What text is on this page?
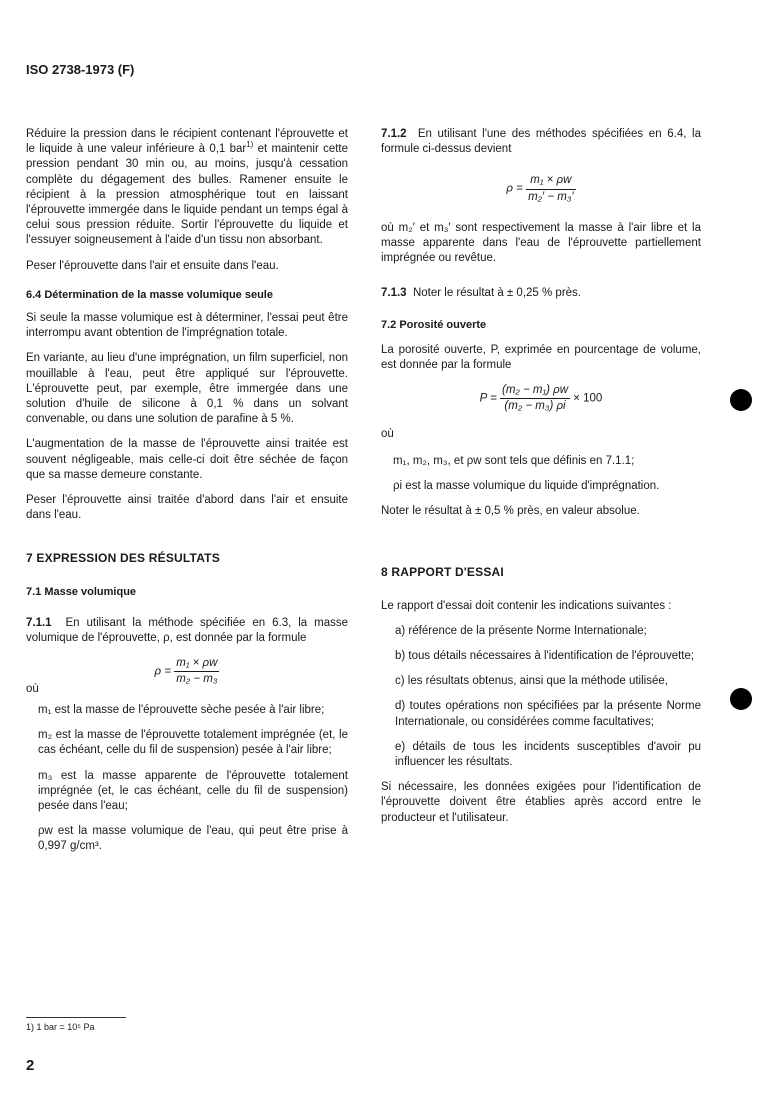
ISO 2738-1973 (F)

Réduire la pression dans le récipient contenant l'éprouvette et le liquide à une valeur inférieure à 0,1 bar$^{1)}$ et maintenir cette pression pendant 30 min ou, au moins, jusqu'à cessation complète du dégagement des bulles. Ramener ensuite le récipient à la pression atmosphérique tout en laissant l'éprouvette immergée dans le liquide pendant un temps égal à celui sous pression réduite. Sortir l'éprouvette du liquide et l'essuyer soigneusement à l'aide d'un tissu non absorbant.

Peser l'éprouvette dans l'air et ensuite dans l'eau.

6.4 Détermination de la masse volumique seule

Si seule la masse volumique est à déterminer, l'essai peut être interrompu avant obtention de l'imprégnation totale.

En variante, au lieu d'une imprégnation, un film superficiel, non mouillable à l'eau, peut être appliqué sur l'éprouvette. L'éprouvette peut, par exemple, être immergée dans une solution d'huile de silicone à 0,1 % dans un solvant convenable, ou dans une solution de parafine à 5 %.

L'augmentation de la masse de l'éprouvette ainsi traitée est souvent négligeable, mais celle-ci doit être séchée de façon que sa masse demeure constante.

Peser l'éprouvette ainsi traitée d'abord dans l'air et ensuite dans l'eau.

7 EXPRESSION DES RÉSULTATS
7.1 Masse volumique

7.1.1 En utilisant la méthode spécifiée en 6.3, la masse volumique de l'éprouvette, ρ, est donnée par la formule

$\rho = \frac{\text{m₁ × ρw}}{\text{m₂ − m₃}}$
où

m₁ est la masse de l'éprouvette sèche pesée à l'air libre;

m₂ est la masse de l'éprouvette totalement imprégnée (et, le cas échéant, celle du fil de suspension) pesée à l'air libre;

m₃ est la masse apparente de l'éprouvette totalement imprégnée (et, le cas échéant, celle du fil de suspension) pesée dans l'eau;

ρw est la masse volumique de l'eau, qui peut être prise à 0,997 g/cm³.

7.1.2 En utilisant l'une des méthodes spécifiées en 6.4, la formule ci-dessus devient

$\rho = \frac{\text{m₁ × ρw}}{\text{m₂′ − m₃′}}$

où m₂′ et m₃′ sont respectivement la masse à l'air libre et la masse apparente dans l'eau de l'éprouvette partiellement imprégnée ou revêtue.

7.1.3 Noter le résultat à ± 0,25 % près.

7.2 Porosité ouverte

La porosité ouverte, P, exprimée en pourcentage de volume, est donnée par la formule

$P = \frac{\text{(m₂ − m₁) ρw}}{\text{(m₂ − m₃) ρi}} \times 100$
où

m₁, m₂, m₃, et ρw sont tels que définis en 7.1.1;

ρi est la masse volumique du liquide d'imprégnation.

Noter le résultat à ± 0,5 % près, en valeur absolue.

8 RAPPORT D'ESSAI

Le rapport d'essai doit contenir les indications suivantes :

a) référence de la présente Norme Internationale;
b) tous détails nécessaires à l'identification de l'éprouvette;
c) les résultats obtenus, ainsi que la méthode utilisée,
d) toutes opérations non spécifiées par la présente Norme Internationale, ou considérées comme facultatives;
e) détails de tous les incidents susceptibles d'avoir pu influencer les résultats.

Si nécessaire, les données exigées pour l'identification de l'éprouvette doivent être établies après accord entre le producteur et l'utilisateur.

1) 1 bar = 10⁵ Pa
2
